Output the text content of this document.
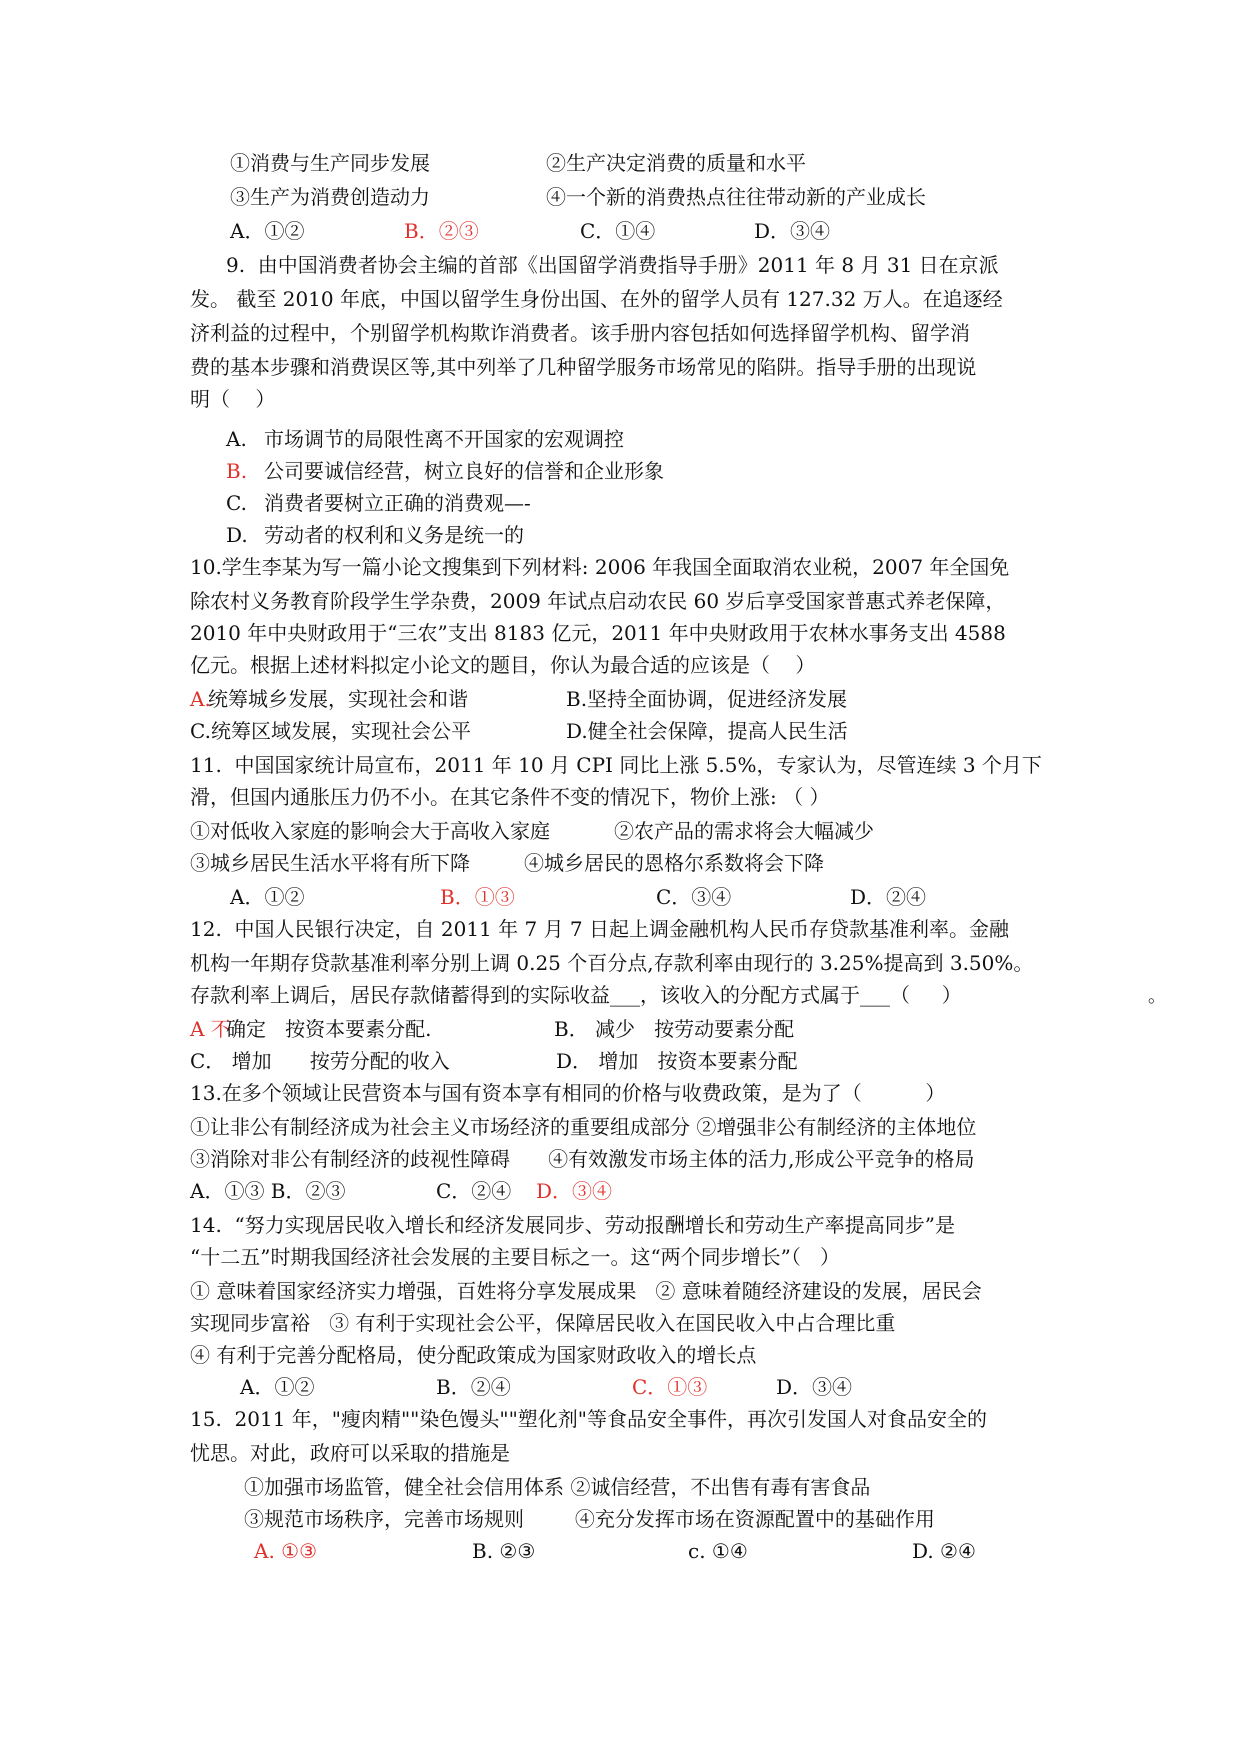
①消费与生产同步发展	②生产决定消费的质量和水平
③生产为消费创造动力	④一个新的消费热点往往带动新的产业成长
A．①②	B．②③	C．①④	D．③④
9.  由中国消费者协会主编的首部《出国留学消费指导手册》2011 年 8 月 31 日在京派
发。 截至 2010 年底，中国以留学生身份出国、在外的留学人员有 127.32 万人。在追逐经
济利益的过程中，个别留学机构欺诈消费者。该手册内容包括如何选择留学机构、留学消
费的基本步骤和消费误区等,其中列举了几种留学服务市场常见的陷阱。指导手册的出现说
明（    ）
A. 市场调节的局限性离不开国家的宏观调控
B. 公司要诚信经营，树立良好的信誉和企业形象
C. 消费者要树立正确的消费观—-
D. 劳动者的权利和义务是统一的
10.学生李某为写一篇小论文搜集到下列材料: 2006 年我国全面取消农业税，2007 年全国免
除农村义务教育阶段学生学杂费，2009 年试点启动农民 60 岁后享受国家普惠式养老保障，
2010 年中央财政用于“三农”支出 8183 亿元，2011 年中央财政用于农林水事务支出 4588
亿元。根据上述材料拟定小论文的题目，你认为最合适的应该是（    ）
A.
统筹城乡发展，实现社会和谐	B.坚持全面协调，促进经济发展
C.统筹区域发展，实现社会公平	D.健全社会保障，提高人民生活
11.  中国国家统计局宣布，2011 年 10 月 CPI 同比上涨 5.5%，专家认为，尽管连续 3 个月下
滑，但国内通胀压力仍不小。在其它条件不变的情况下，物价上涨: （ ）
①对低收入家庭的影响会大于高收入家庭	②农产品的需求将会大幅减少
③城乡居民生活水平将有所下降	④城乡居民的恩格尔系数将会下降
A．①②	B．①③	C．③④	D．②④
12.  中国人民银行决定，自 2011 年 7 月 7 日起上调金融机构人民币存贷款基准利率。金融
机构一年期存贷款基准利率分别上调 0.25 个百分点,存款利率由现行的 3.25%提高到 3.50%。
存款利率上调后，居民存款储蓄得到的实际收益___，该收入的分配方式属于___（     ）	。
A 不
确定   按资本要素分配.	B． 减少   按劳动要素分配
C． 增加      按劳分配的收入	D． 增加   按资本要素分配
13.在多个领域让民营资本与国有资本享有相同的价格与收费政策，是为了（          ）
①让非公有制经济成为社会主义市场经济的重要组成部分 ②增强非公有制经济的主体地位
③消除对非公有制经济的歧视性障碍      ④有效激发市场主体的活力,形成公平竞争的格局
A．①③ B．②③	C．②④ D．③④
14.  “努力实现居民收入增长和经济发展同步、劳动报酬增长和劳动生产率提高同步”是
“十二五”时期我国经济社会发展的主要目标之一。这“两个同步增长”（   ）
① 意味着国家经济实力增强，百姓将分享发展成果   ② 意味着随经济建设的发展，居民会
实现同步富裕   ③ 有利于实现社会公平，保障居民收入在国民收入中占合理比重
④ 有利于完善分配格局，使分配政策成为国家财政收入的增长点
A．①②	B．②④	C．①③	D．③④
15.  2011 年，"瘦肉精""染色馒头""塑化剂"等食品安全事件，再次引发国人对食品安全的
忧思。对此，政府可以采取的措施是
①加强市场监管，健全社会信用体系 ②诚信经营，不出售有毒有害食品
③规范市场秩序，完善市场规则        ④充分发挥市场在资源配置中的基础作用
A. ①③	B. ②③	c. ①④	D. ②④
